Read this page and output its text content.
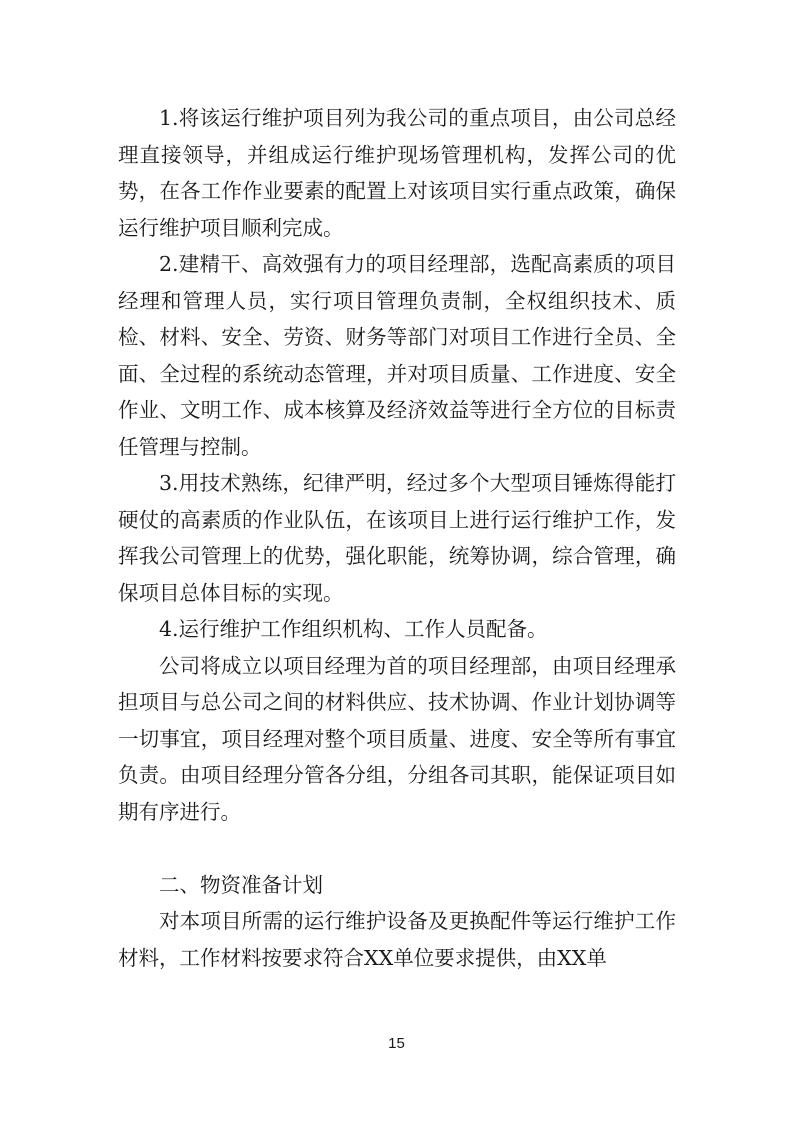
1.将该运行维护项目列为我公司的重点项目，由公司总经理直接领导，并组成运行维护现场管理机构，发挥公司的优势，在各工作作业要素的配置上对该项目实行重点政策，确保运行维护项目顺利完成。

2.建精干、高效强有力的项目经理部，选配高素质的项目经理和管理人员，实行项目管理负责制，全权组织技术、质检、材料、安全、劳资、财务等部门对项目工作进行全员、全面、全过程的系统动态管理，并对项目质量、工作进度、安全作业、文明工作、成本核算及经济效益等进行全方位的目标责任管理与控制。

3.用技术熟练，纪律严明，经过多个大型项目锤炼得能打硬仗的高素质的作业队伍，在该项目上进行运行维护工作，发挥我公司管理上的优势，强化职能，统筹协调，综合管理，确保项目总体目标的实现。

4.运行维护工作组织机构、工作人员配备。

公司将成立以项目经理为首的项目经理部，由项目经理承担项目与总公司之间的材料供应、技术协调、作业计划协调等一切事宜，项目经理对整个项目质量、进度、安全等所有事宜负责。由项目经理分管各分组，分组各司其职，能保证项目如期有序进行。

二、物资准备计划

对本项目所需的运行维护设备及更换配件等运行维护工作材料，工作材料按要求符合XX单位要求提供，由XX单

15
